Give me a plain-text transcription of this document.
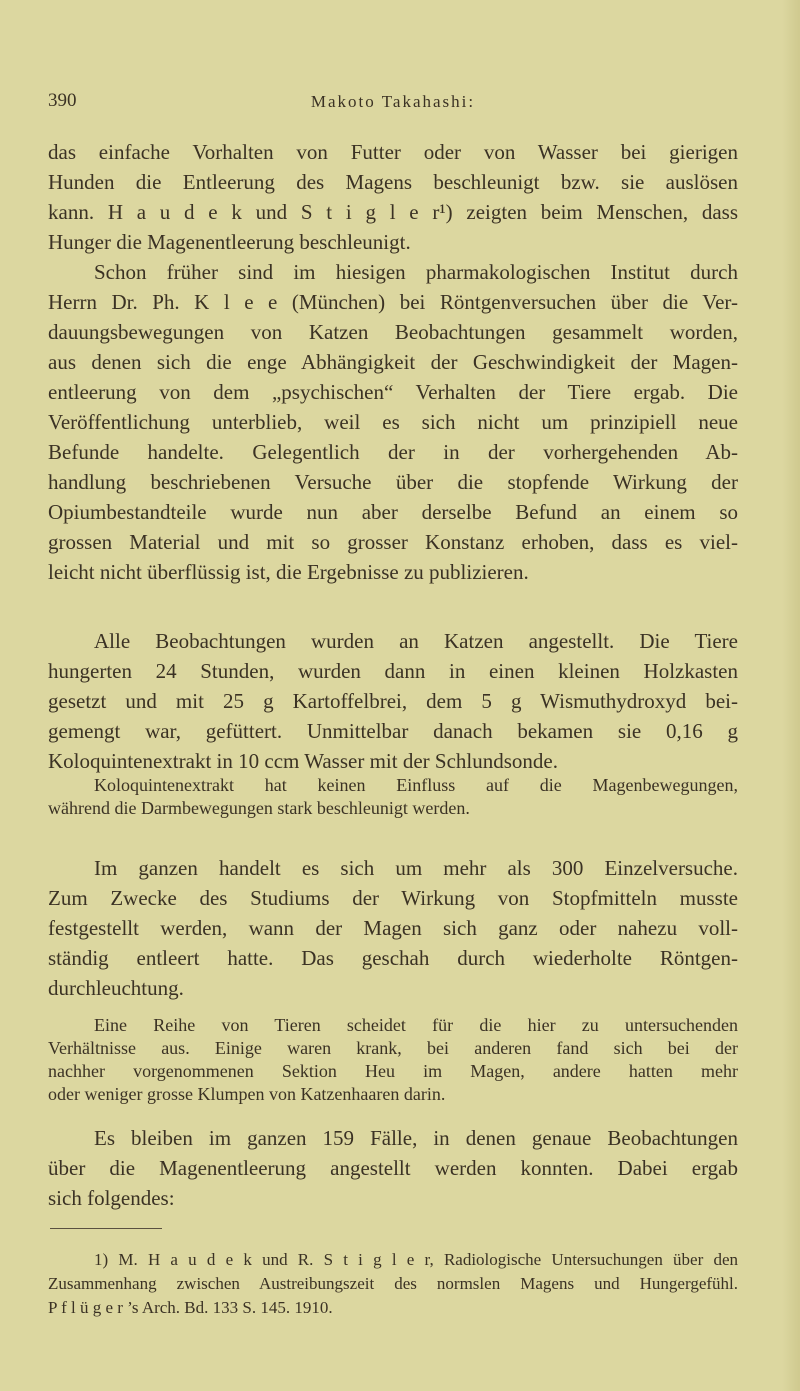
390	Makoto Takahashi:
das einfache Vorhalten von Futter oder von Wasser bei gierigen
Hunden die Entleerung des Magens beschleunigt bzw. sie auslösen
kann. H a u d e k und S t i g l e r¹) zeigten beim Menschen, dass
Hunger die Magenentleerung beschleunigt.
Schon früher sind im hiesigen pharmakologischen Institut durch
Herrn Dr. Ph. K l e e (München) bei Röntgenversuchen über die Ver-
dauungsbewegungen von Katzen Beobachtungen gesammelt worden,
aus denen sich die enge Abhängigkeit der Geschwindigkeit der Magen-
entleerung von dem „psychischen“ Verhalten der Tiere ergab. Die
Veröffentlichung unterblieb, weil es sich nicht um prinzipiell neue
Befunde handelte. Gelegentlich der in der vorhergehenden Ab-
handlung beschriebenen Versuche über die stopfende Wirkung der
Opiumbestandteile wurde nun aber derselbe Befund an einem so
grossen Material und mit so grosser Konstanz erhoben, dass es viel-
leicht nicht überflüssig ist, die Ergebnisse zu publizieren.
Alle Beobachtungen wurden an Katzen angestellt. Die Tiere
hungerten 24 Stunden, wurden dann in einen kleinen Holzkasten
gesetzt und mit 25 g Kartoffelbrei, dem 5 g Wismuthydroxyd bei-
gemengt war, gefüttert. Unmittelbar danach bekamen sie 0,16 g
Koloquintenextrakt in 10 ccm Wasser mit der Schlundsonde.
Koloquintenextrakt hat keinen Einfluss auf die Magenbewegungen,
während die Darmbewegungen stark beschleunigt werden.
Im ganzen handelt es sich um mehr als 300 Einzelversuche.
Zum Zwecke des Studiums der Wirkung von Stopfmitteln musste
festgestellt werden, wann der Magen sich ganz oder nahezu voll-
ständig entleert hatte. Das geschah durch wiederholte Röntgen-
durchleuchtung.
Eine Reihe von Tieren scheidet für die hier zu untersuchenden
Verhältnisse aus. Einige waren krank, bei anderen fand sich bei der
nachher vorgenommenen Sektion Heu im Magen, andere hatten mehr
oder weniger grosse Klumpen von Katzenhaaren darin.
Es bleiben im ganzen 159 Fälle, in denen genaue Beobachtungen
über die Magenentleerung angestellt werden konnten. Dabei ergab
sich folgendes:
1) M. H a u d e k und R. S t i g l e r, Radiologische Untersuchungen über den
Zusammenhang zwischen Austreibungszeit des normslen Magens und Hungergefühl.
P f l ü g e r ’s Arch. Bd. 133 S. 145. 1910.
